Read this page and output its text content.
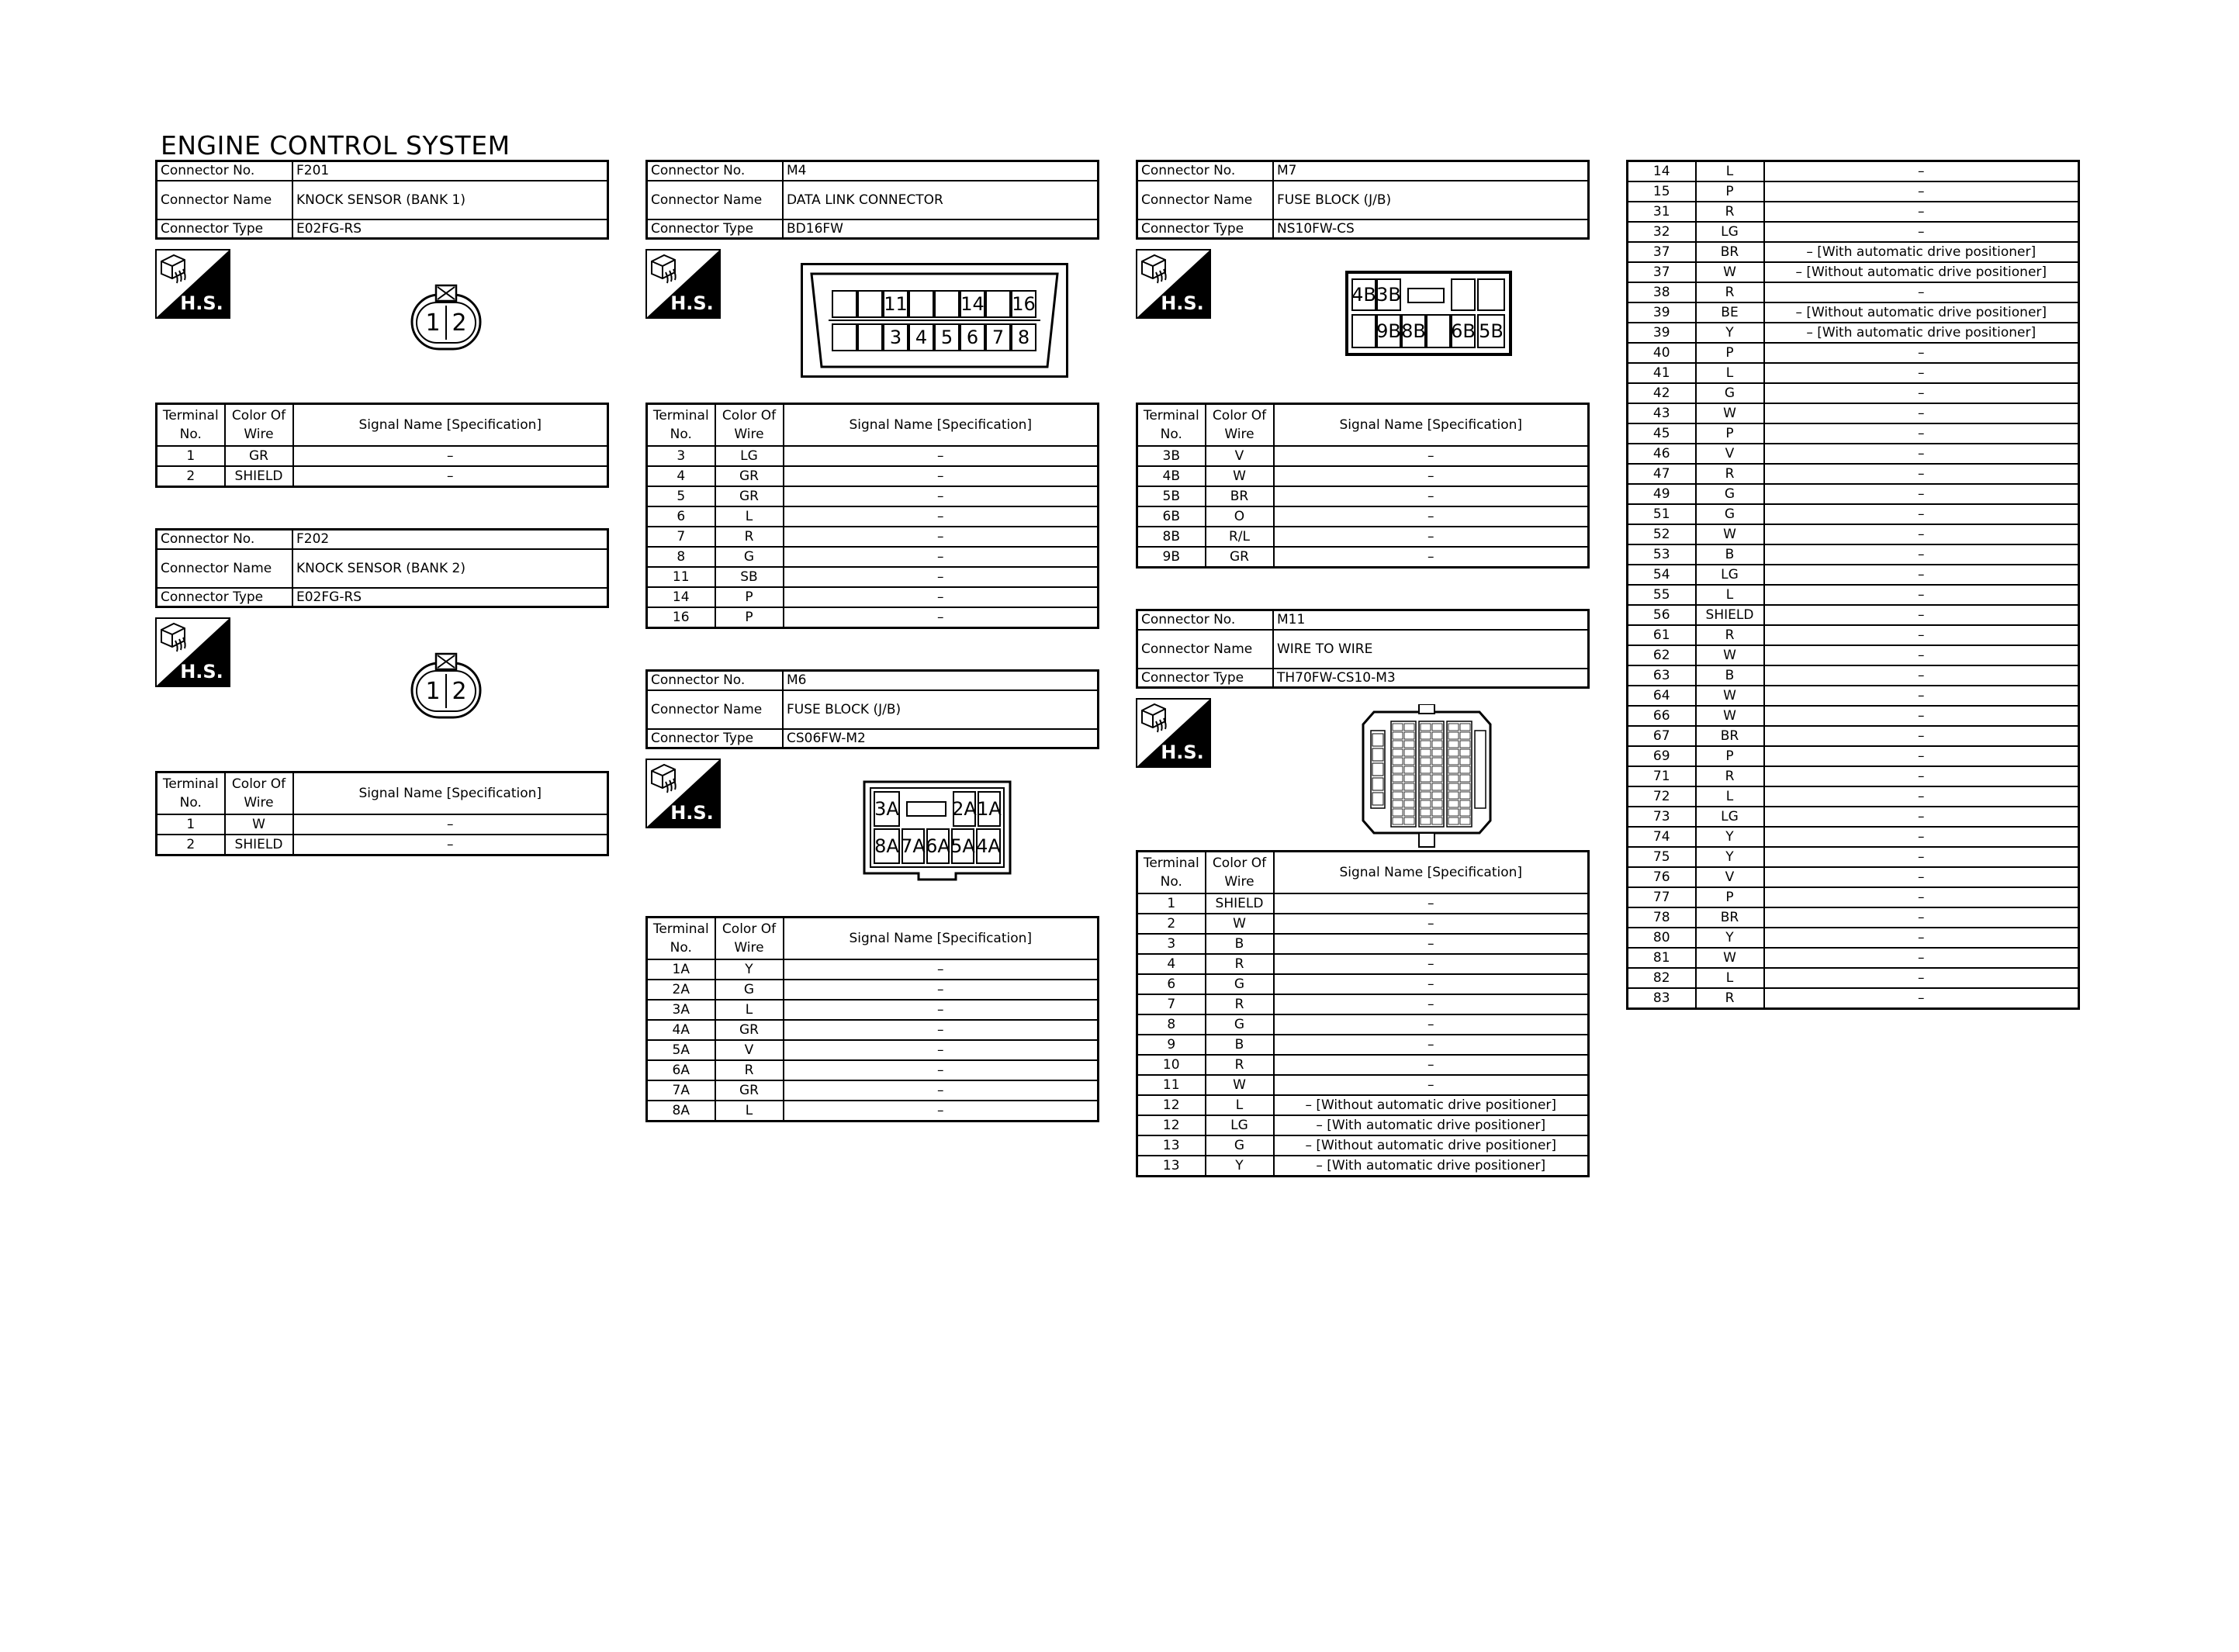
ENGINE CONTROL SYSTEM
Connector No.	F201
Connector Name	KNOCK SENSOR (BANK 1)
Connector Type	E02FG-RS
H.S.
1 2
Terminal No.	Color Of Wire	Signal Name [Specification]
1	GR	–
2	SHIELD	–
Connector No.	F202
Connector Name	KNOCK SENSOR (BANK 2)
Connector Type	E02FG-RS
H.S.
1 2
Terminal No.	Color Of Wire	Signal Name [Specification]
1	W	–
2	SHIELD	–
Connector No.	M4
Connector Name	DATA LINK CONNECTOR
Connector Type	BD16FW
H.S.	11	14 16
3 4 5 6 7 8
Terminal No.	Color Of Wire	Signal Name [Specification]
3	LG	–
4	GR	–
5	GR	–
6	L	–
7	R	–
8	G	–
11	SB	–
14	P	–
16	P	–
Connector No.	M6
Connector Name	FUSE BLOCK (J/B)
Connector Type	CS06FW-M2
H.S.	3A	2A 1A
8A 7A 6A 5A 4A
Terminal No.	Color Of Wire	Signal Name [Specification]
1A	Y	–
2A	G	–
3A	L	–
4A	GR	–
5A	V	–
6A	R	–
7A	GR	–
8A	L	–
Connector No.	M7
Connector Name	FUSE BLOCK (J/B)
Connector Type	NS10FW-CS
H.S.	4B 3B
9B 8B 6B 5B
Terminal No.	Color Of Wire	Signal Name [Specification]
3B	V	–
4B	W	–
5B	BR	–
6B	O	–
8B	R/L	–
9B	GR	–
Connector No.	M11
Connector Name	WIRE TO WIRE
Connector Type	TH70FW-CS10-M3
H.S.
Terminal No.	Color Of Wire	Signal Name [Specification]
1	SHIELD	–
2	W	–
3	B	–
4	R	–
6	G	–
7	R	–
8	G	–
9	B	–
10	R	–
11	W	–
12	L	– [Without automatic drive positioner]
12	LG	– [With automatic drive positioner]
13	G	– [Without automatic drive positioner]
13	Y	– [With automatic drive positioner]
14	L	–
15	P	–
31	R	–
32	LG	–
37	BR	– [With automatic drive positioner]
37	W	– [Without automatic drive positioner]
38	R	–
39	BE	– [Without automatic drive positioner]
39	Y	– [With automatic drive positioner]
40	P	–
41	L	–
42	G	–
43	W	–
45	P	–
46	V	–
47	R	–
49	G	–
51	G	–
52	W	–
53	B	–
54	LG	–
55	L	–
56	SHIELD	–
61	R	–
62	W	–
63	B	–
64	W	–
66	W	–
67	BR	–
69	P	–
71	R	–
72	L	–
73	LG	–
74	Y	–
75	Y	–
76	V	–
77	P	–
78	BR	–
80	Y	–
81	W	–
82	L	–
83	R	–
